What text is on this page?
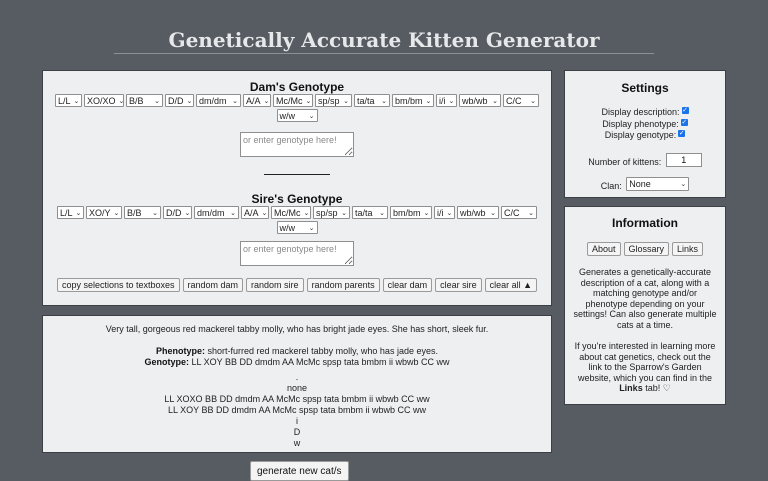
Genetically Accurate Kitten Generator
Dam's Genotype
L/L ⌄ XO/XO ⌄ B/B ⌄ D/D ⌄ dm/dm ⌄ A/A ⌄ Mc/Mc ⌄ sp/sp ⌄ ta/ta ⌄ bm/bm ⌄ i/i ⌄ wb/wb ⌄ C/C ⌄
w/w ⌄
or enter genotype here!
Sire's Genotype
L/L ⌄ XO/Y ⌄ B/B ⌄ D/D ⌄ dm/dm ⌄ A/A ⌄ Mc/Mc ⌄ sp/sp ⌄ ta/ta ⌄ bm/bm ⌄ i/i ⌄ wb/wb ⌄ C/C ⌄
w/w ⌄
or enter genotype here!
copy selections to textboxes	random dam	random sire	random parents	clear dam	clear sire	clear all ▲
Very tall, gorgeous red mackerel tabby molly, who has bright jade eyes. She has short, sleek fur.
Phenotype: short-furred red mackerel tabby molly, who has jade eyes.
Genotype: LL XOY BB DD dmdm AA McMc spsp tata bmbm ii wbwb CC ww
.
none
LL XOXO BB DD dmdm AA McMc spsp tata bmbm ii wbwb CC ww
LL XOY BB DD dmdm AA McMc spsp tata bmbm ii wbwb CC ww
i
D
w
Settings
Display description: ✓
Display phenotype: ✓
Display genotype: ✓
Number of kittens: 1
Clan: None	⌄
Information
About	Glossary	Links

Generates a genetically-accurate description of a cat, along with a matching genotype and/or phenotype depending on your settings! Can also generate multiple cats at a time.

If you're interested in learning more about cat genetics, check out the link to the Sparrow's Garden website, which you can find in the Links tab! ♡

generate new cat/s
